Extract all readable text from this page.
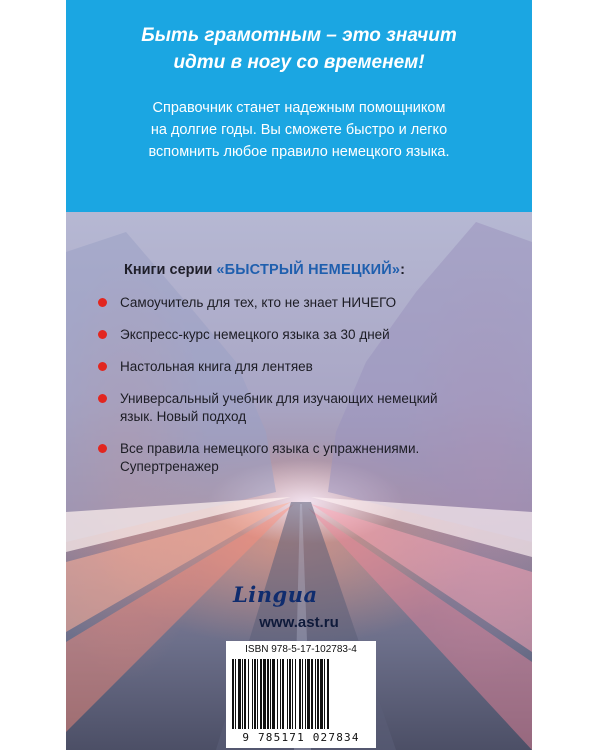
Быть грамотным – это значит
идти в ногу со временем!
Справочник станет надежным помощником
на долгие годы. Вы сможете быстро и легко
вспомнить любое правило немецкого языка.
Книги серии «БЫСТРЫЙ НЕМЕЦКИЙ»:
Самоучитель для тех, кто не знает НИЧЕГО
Экспресс-курс немецкого языка за 30 дней
Настольная книга для лентяев
Универсальный учебник для изучающих немецкий
язык. Новый подход
Все правила немецкого языка с упражнениями.
Супертренажер
Lingua
www.ast.ru
ISBN 978-5-17-102783-4
9 785171 027834
